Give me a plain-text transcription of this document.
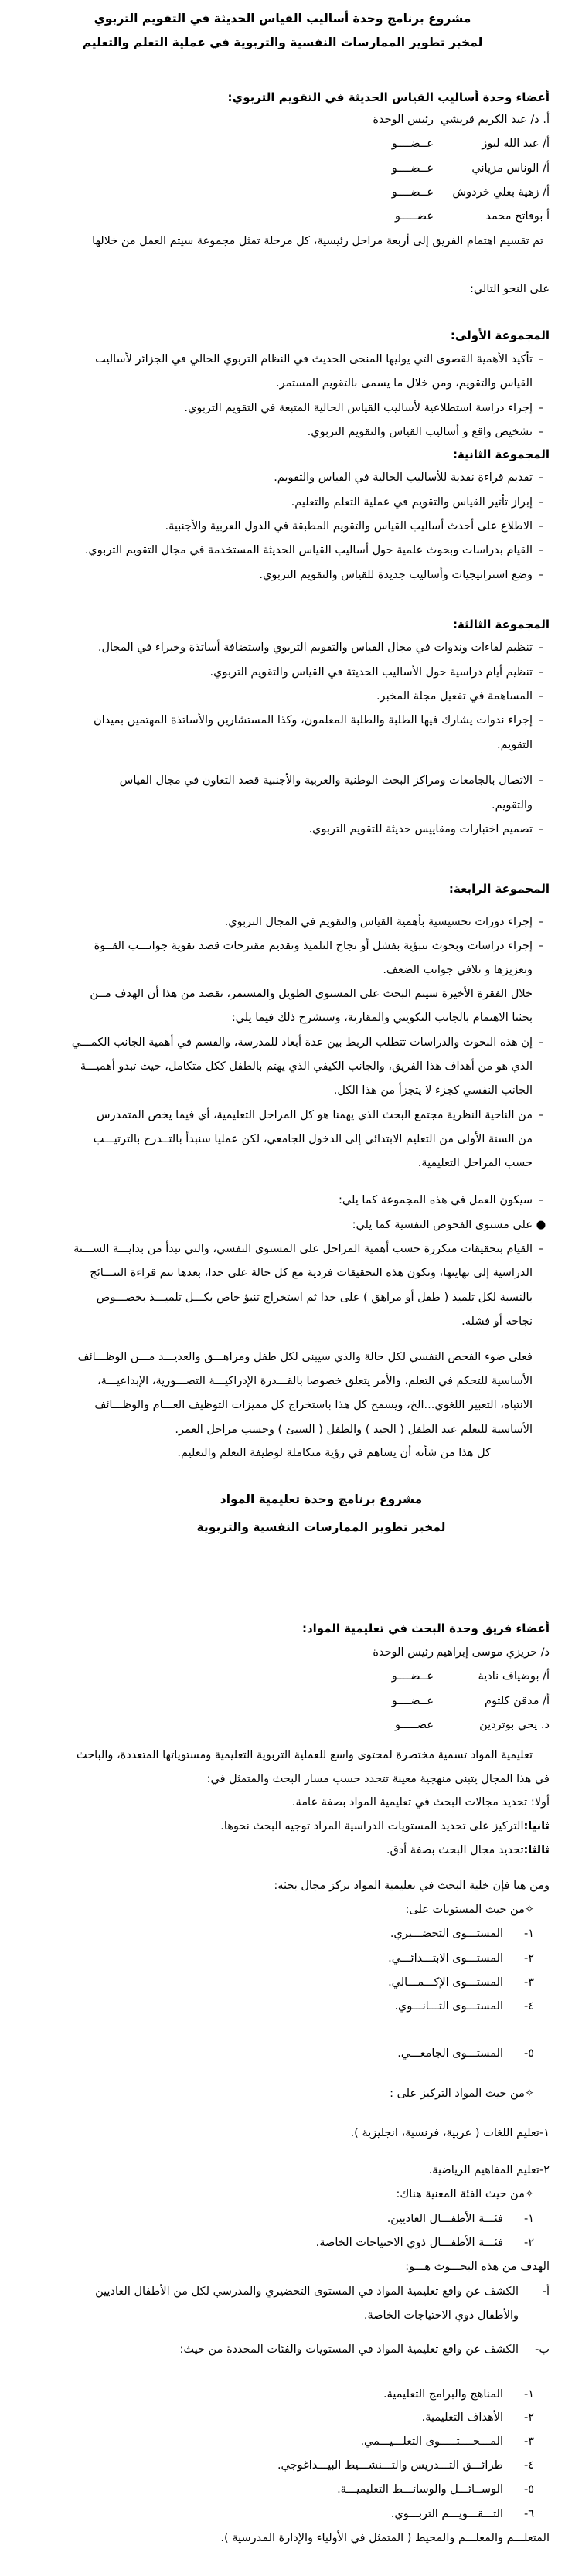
مشروع برنامج وحدة أساليب القياس الحديثة في التقويم التربوي
لمخبر تطوير الممارسات النفسية والتربوية في عملية التعلم والتعليم
أعضاء وحدة أساليب القياس الحديثة في التقويم التربوي:
أ. د/ عبد الكريم قريشيرئيس الوحدة
أ/ عبد الله لبوزعــضــــو
أ/ الوناس مزيانيعــضــــو
أ/ زهية بعلي خردوشعــضــــو
أ بوفاتح محمدعضـــــو
تم تقسيم اهتمام الفريق إلى أربعة مراحل رئيسية، كل مرحلة تمثل مجموعة سيتم العمل من خلالها
على النحو التالي:
المجموعة الأولى:
–تأكيد الأهمية القصوى التي يوليها المنحى الحديث في النظام التربوي الحالي في الجزائر لأساليب
القياس والتقويم، ومن خلال ما يسمى بالتقويم المستمر.
–إجراء دراسة استطلاعية لأساليب القياس الحالية المتبعة في التقويم التربوي.
–تشخيص واقع و أساليب القياس والتقويم التربوي.
المجموعة الثانية:
–تقديم قراءة نقدية للأساليب الحالية في القياس والتقويم.
–إبراز تأثير القياس والتقويم في عملية التعلم والتعليم.
–الاطلاع على أحدث أساليب القياس والتقويم المطبقة في الدول العربية والأجنبية.
–القيام بدراسات وبحوث علمية حول أساليب القياس الحديثة المستخدمة في مجال التقويم التربوي.
–وضع استراتيجيات وأساليب جديدة للقياس والتقويم التربوي.
المجموعة الثالثة:
–تنظيم لقاءات وندوات في مجال القياس والتقويم التربوي واستضافة أساتذة وخبراء في المجال.
–تنظيم أيام دراسية حول الأساليب الحديثة في القياس والتقويم التربوي.
–المساهمة في تفعيل مجلة المخبر.
–إجراء ندوات يشارك فيها الطلبة والطلبة المعلمون، وكذا المستشارين والأساتذة المهتمين بميدان
التقويم.
–الاتصال بالجامعات ومراكز البحث الوطنية والعربية والأجنبية قصد التعاون في مجال القياس
والتقويم.
–تصميم اختبارات ومقاييس حديثة للتقويم التربوي.
المجموعة الرابعة:
–إجراء دورات تحسيسية بأهمية القياس والتقويم في المجال التربوي.
–إجراء دراسات وبحوث تنبؤية بفشل أو نجاح التلميذ وتقديم مقترحات قصد تقوية جوانـــب القــوة
وتعزيزها و تلافي جوانب الضعف.
خلال الفقرة الأخيرة سيتم البحث على المستوى الطويل والمستمر، نقصد من هذا أن الهدف مــن
بحثنا الاهتمام بالجانب التكويني والمقارنة، وسنشرح ذلك فيما يلي:
–إن هذه البحوث والدراسات تتطلب الربط بين عدة أبعاد للمدرسة، والقسم في أهمية الجانب الكمـــي
الذي هو من أهداف هذا الفريق، والجانب الكيفي الذي يهتم بالطفل ككل متكامل، حيث تبدو أهميـــة
الجانب النفسي كجزء لا يتجزأ من هذا الكل.
–من الناحية النظرية مجتمع البحث الذي يهمنا هو كل المراحل التعليمية، أي فيما يخص المتمدرس
من السنة الأولى من التعليم الابتدائي إلى الدخول الجامعي، لكن عمليا سنبدأ بالتــدرج بالترتيـــب
حسب المراحل التعليمية.
–سيكون العمل في هذه المجموعة كما يلي:
●على مستوى الفحوص النفسية كما يلي:
–القيام بتحقيقات متكررة حسب أهمية المراحل على المستوى النفسي، والتي تبدأ من بدايـــة الســـنة
الدراسية إلى نهايتها، وتكون هذه التحقيقات فردية مع كل حالة على حدا، بعدها تتم قراءة النتـــائج
بالنسبة لكل تلميذ ( طفل أو مراهق ) على حدا ثم استخراج تنبؤ خاص بكـــل تلميـــذ بخصـــوص
نجاحه أو فشله.
فعلى ضوء الفحص النفسي لكل حالة والذي سيبنى لكل طفل ومراهـــق والعديـــد مـــن الوظـــائف
الأساسية للتحكم في التعلم، والأمر يتعلق خصوصا بالقـــدرة الإدراكيـــة التصـــورية، الإبداعيـــة،
الانتباه، التعبير اللغوي...الخ، ويسمح كل هذا باستخراج كل مميزات التوظيف العـــام والوظـــائف
الأساسية للتعلم عند الطفل ( الجيد ) والطفل ( السيئ ) وحسب مراحل العمر.
كل هذا من شأنه أن يساهم في رؤية متكاملة لوظيفة التعلم والتعليم.
مشروع برنامج وحدة تعليمية المواد
لمخبر تطوير الممارسات النفسية والتربوية
أعضاء فريق وحدة البحث في تعليمية المواد:
د/ حريزي موسى إبراهيمرئيس الوحدة
أ/ بوضياف ناديةعــضــــو
أ/ مدقن كلثومعــضــــو
د. يحي بوتردينعضـــــو
تعليمية المواد تسمية مختصرة لمحتوى واسع للعملية التربوية التعليمية ومستوياتها المتعددة، والباحث
في هذا المجال يتبنى منهجية معينة تتحدد حسب مسار البحث والمتمثل في:
أولا: تحديد مجالات البحث في تعليمية المواد بصفة عامة.
ثانيا:التركيز على تحديد المستويات الدراسية المراد توجيه البحث نحوها.
ثالثا:تحديد مجال البحث بصفة أدق.
ومن هنا فإن خلية البحث في تعليمية المواد تركز مجال بحثه:
✧من حيث المستويات على:
١-المستـــوى التحضـــيري.
٢-المستـــوى الابتـــدائـــي.
٣-المستـــوى الإكـــمـــالي.
٤-المستـــوى الثـــانـــوي.
٥-المستـــوى الجامعـــي.
✧من حيث المواد التركيز على :
١-تعليم اللغات ( عربية، فرنسية، انجليزية ).
٢-تعليم المفاهيم الرياضية.
✧من حيث الفئة المعنية هناك:
١-فئـــة الأطفـــال العاديين.
٢-فئـــة الأطفـــال ذوي الاحتياجات الخاصة.
الهدف من هذه البحـــوث هـــو:
أ-الكشف عن واقع تعليمية المواد في المستوى التحضيري والمدرسي لكل من الأطفال العاديين
والأطفال ذوي الاحتياجات الخاصة.
ب-الكشف عن واقع تعليمية المواد في المستويات والفئات المحددة من حيث:
١-المناهج والبرامج التعليمية.
٢-الأهداف التعليمية.
٣-المـــحــــتـــــوى التعلـــيـــمي.
٤-طرائـــق التـــدريس والتـــنشـــيط البيـــداغوجي.
٥-الوســائـــل والوسائـــط التعليميـــة.
٦-التـــقـــويـــم التربـــوي.
المتعلـــم والمعلـــم والمحيط ( المتمثل في الأولياء والإدارة المدرسية ).
